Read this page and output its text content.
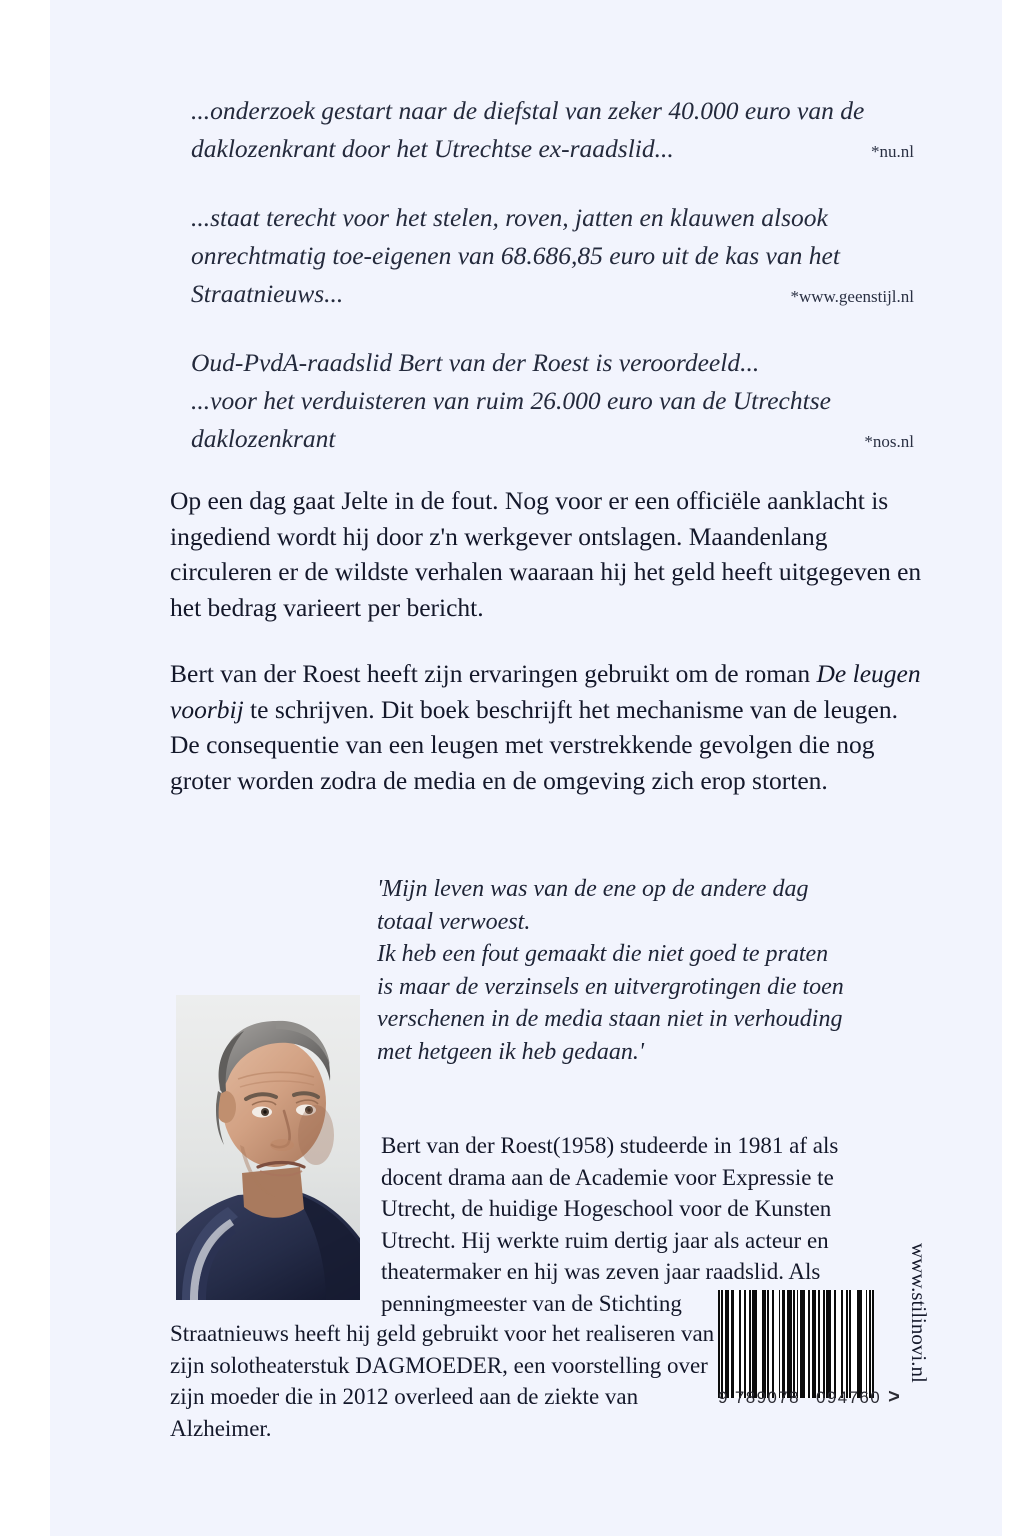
...onderzoek gestart naar de diefstal van zeker 40.000 euro van de
daklozenkrant door het Utrechtse ex-raadslid...	*nu.nl
...staat terecht voor het stelen, roven, jatten en klauwen alsook
onrechtmatig toe-eigenen van 68.686,85 euro uit de kas van het
Straatnieuws...	*www.geenstijl.nl
Oud-PvdA-raadslid Bert van der Roest is veroordeeld...
...voor het verduisteren van ruim 26.000 euro van de Utrechtse
daklozenkrant	*nos.nl

Op een dag gaat Jelte in de fout. Nog voor er een officiële aanklacht is ingediend wordt hij door z'n werkgever ontslagen. Maandenlang circuleren er de wildste verhalen waaraan hij het geld heeft uitgegeven en het bedrag varieert per bericht.

Bert van der Roest heeft zijn ervaringen gebruikt om de roman De leugen voorbij te schrijven. Dit boek beschrijft het mechanisme van de leugen. De consequentie van een leugen met verstrekkende gevolgen die nog groter worden zodra de media en de omgeving zich erop storten.

'Mijn leven was van de ene op de andere dag
totaal verwoest.
Ik heb een fout gemaakt die niet goed te praten
is maar de verzinsels en uitvergrotingen die toen
verschenen in de media staan niet in verhouding
met hetgeen ik heb gedaan.'
Bert van der Roest(1958) studeerde in 1981 af als docent drama aan de Academie voor Expressie te Utrecht, de huidige Hogeschool voor de Kunsten Utrecht. Hij werkte ruim dertig jaar als acteur en theatermaker en hij was zeven jaar raadslid. Als penningmeester van de Stichting
Straatnieuws heeft hij geld gebruikt voor het realiseren van zijn solotheaterstuk DAGMOEDER, een voorstelling over zijn moeder die in 2012 overleed aan de ziekte van Alzheimer.
9 789078 094760 >
www.stilinovi.nl
